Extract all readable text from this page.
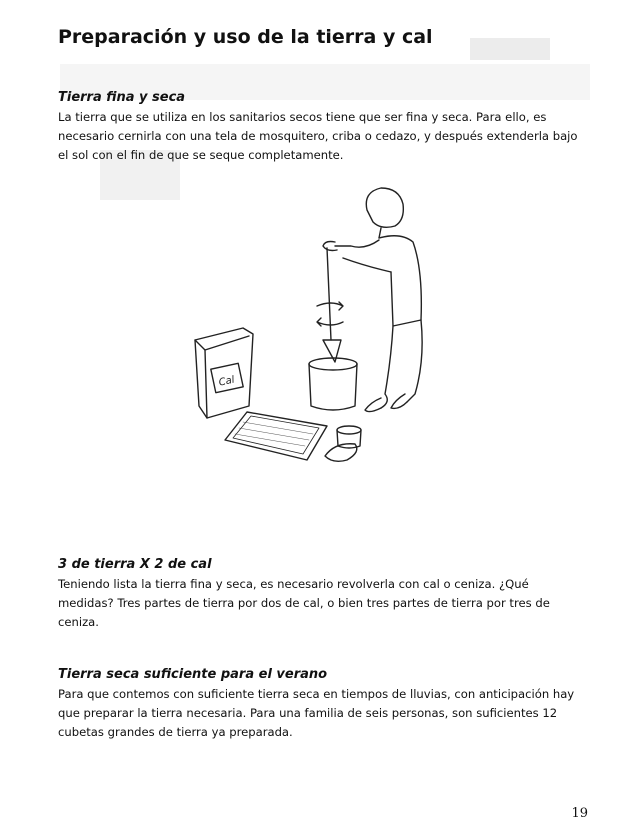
Preparación y uso de la tierra y cal
Tierra fina y seca

La tierra que se utiliza en los sanitarios secos tiene que ser fina y seca. Para ello, es necesario cernirla con una tela de mosquitero, criba o cedazo, y después extenderla bajo el sol con el fin de que se seque completamente.

Cal
3 de tierra X 2 de cal

Teniendo lista la tierra fina y seca, es necesario revolverla con cal o ceniza. ¿Qué medidas? Tres partes de tierra por dos de cal, o bien tres partes de tierra por tres de ceniza.

Tierra seca suficiente para el verano

Para que contemos con suficiente tierra seca en tiempos de lluvias, con anticipación hay que preparar la tierra necesaria. Para una familia de seis personas, son suficientes 12 cubetas grandes de tierra ya preparada.

19
